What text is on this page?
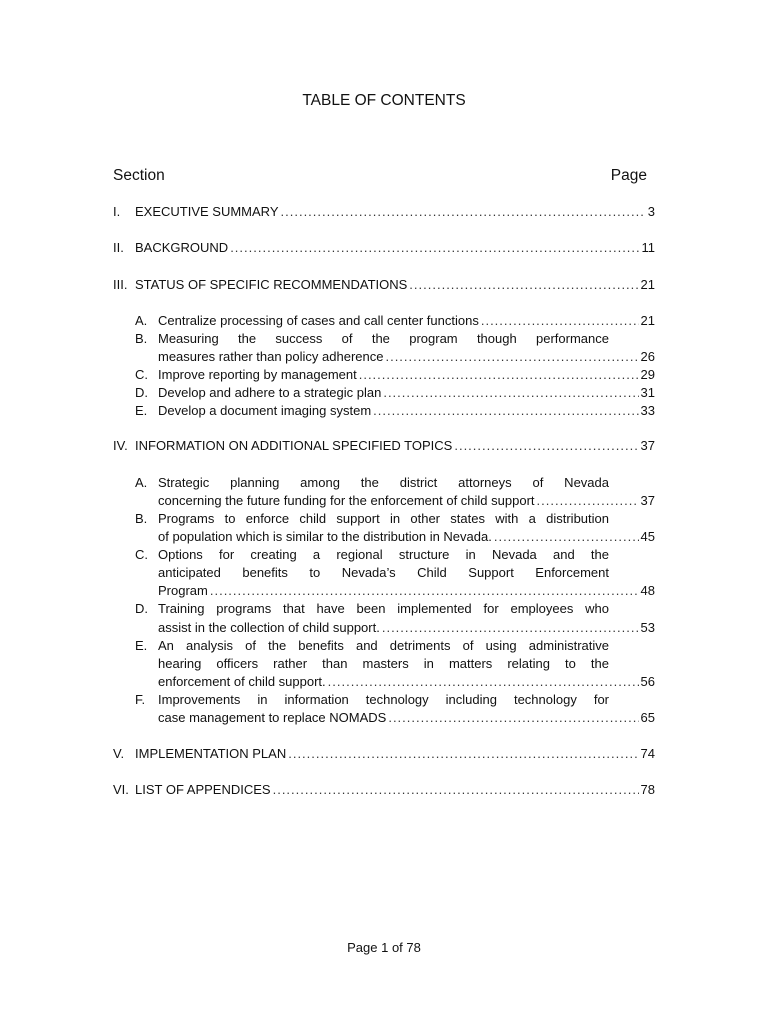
TABLE OF CONTENTS
Section	Page
I.	EXECUTIVE SUMMARY .....	3
II. BACKGROUND .....	11
III. STATUS OF SPECIFIC RECOMMENDATIONS .....	21
A. Centralize processing of cases and call center functions .....	21
B. Measuring the success of the program though performance
measures rather than policy adherence .....	26
C. Improve reporting by management .....	29
D. Develop and adhere to a strategic plan .....	31
E. Develop a document imaging system .....	33
IV. INFORMATION ON ADDITIONAL SPECIFIED TOPICS .....	37
A. Strategic planning among the district attorneys of Nevada
concerning the future funding for the enforcement of child support .....	37
B. Programs to enforce child support in other states with a distribution
of population which is similar to the distribution in Nevada. .....	45
C. Options for creating a regional structure in Nevada and the
anticipated benefits to Nevada’s Child Support Enforcement
Program .....	48
D. Training programs that have been implemented for employees who
assist in the collection of child support. .....	53
E. An analysis of the benefits and detriments of using administrative
hearing officers rather than masters in matters relating to the
enforcement of child support. .....	56
F. Improvements in information technology including technology for
case management to replace NOMADS .....	65
V. IMPLEMENTATION PLAN .....	74
VI. LIST OF APPENDICES .....	78
Page 1 of 78
